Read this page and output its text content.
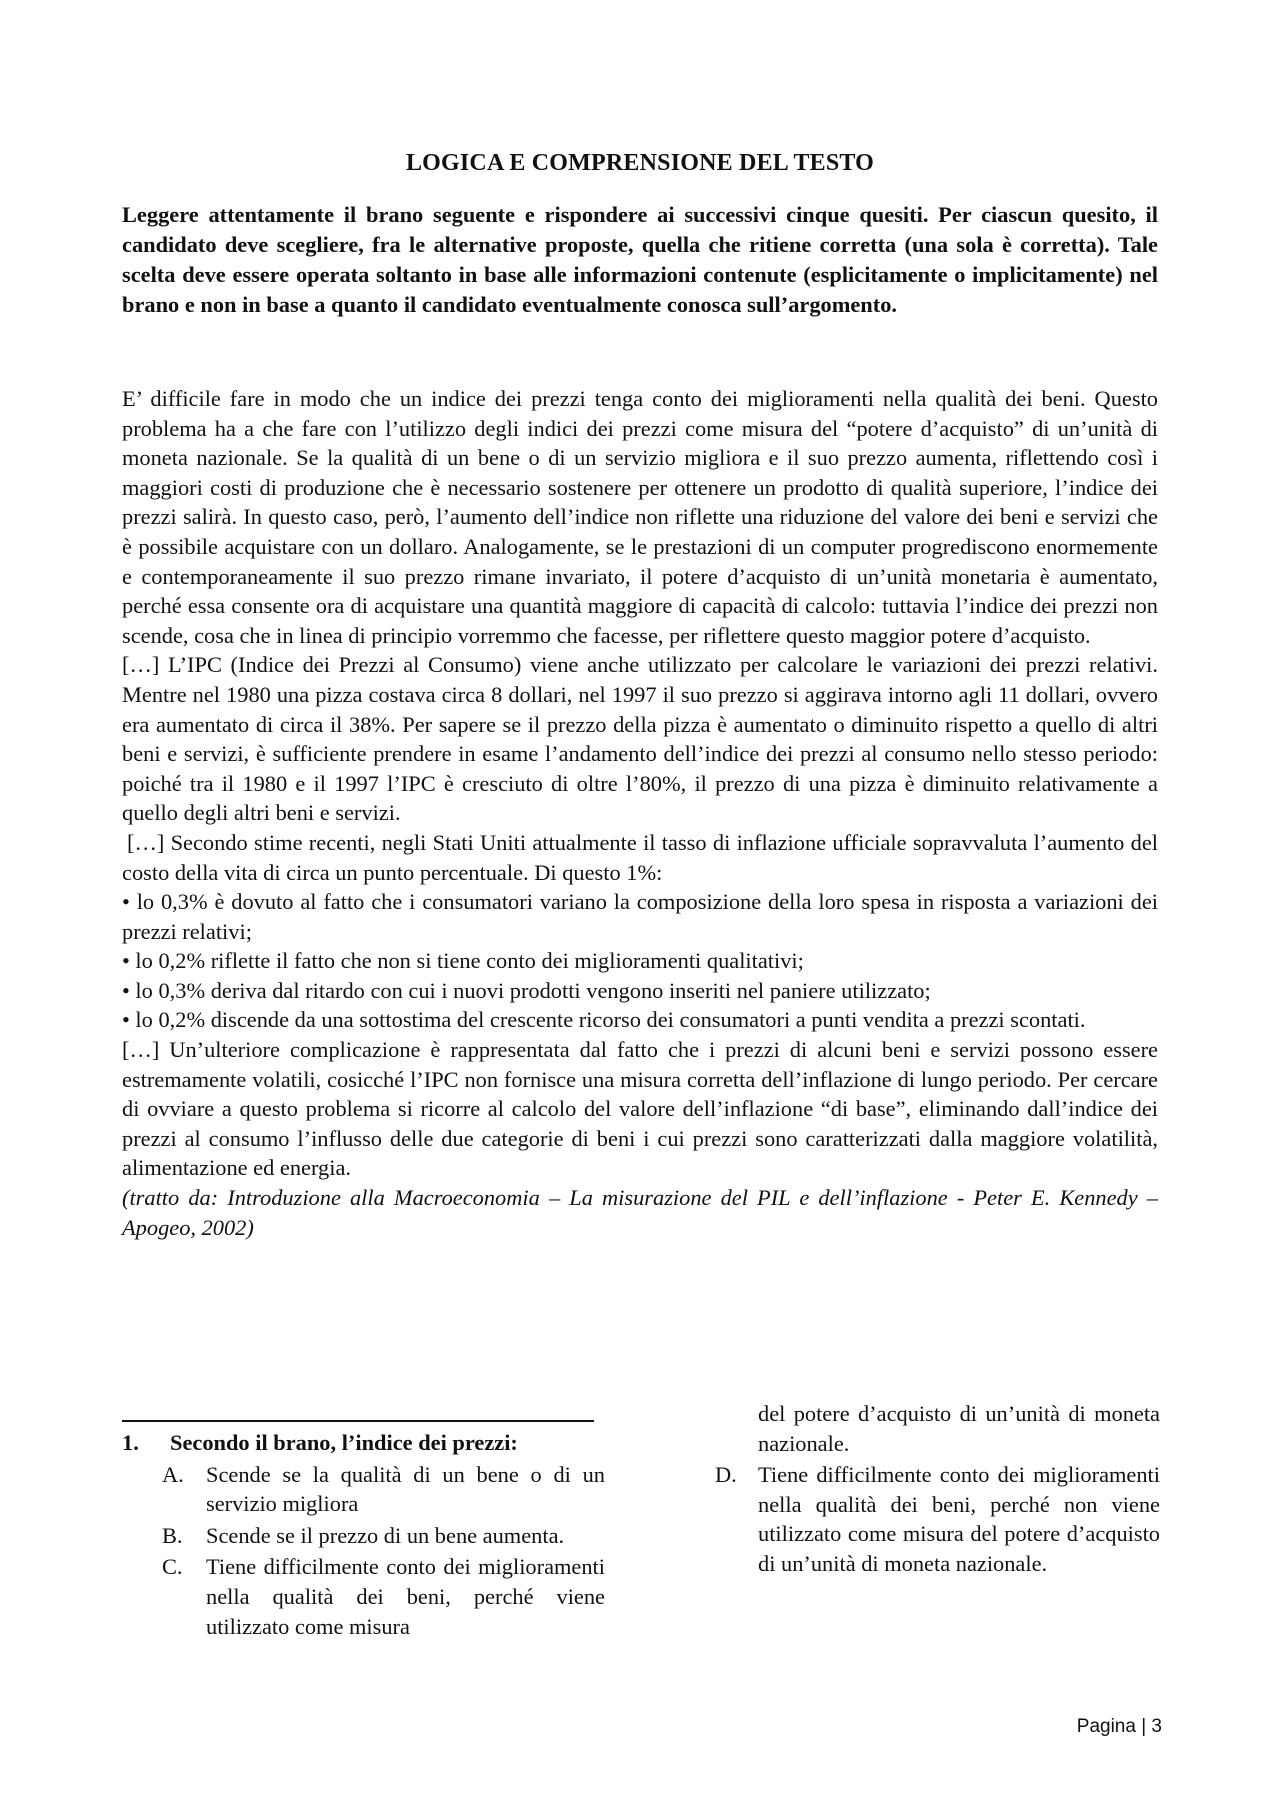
LOGICA E COMPRENSIONE DEL TESTO
Leggere attentamente il brano seguente e rispondere ai successivi cinque quesiti. Per ciascun quesito, il candidato deve scegliere, fra le alternative proposte, quella che ritiene corretta (una sola è corretta). Tale scelta deve essere operata soltanto in base alle informazioni contenute (esplicitamente o implicitamente) nel brano e non in base a quanto il candidato eventualmente conosca sull’argomento.

E’ difficile fare in modo che un indice dei prezzi tenga conto dei miglioramenti nella qualità dei beni. Questo problema ha a che fare con l’utilizzo degli indici dei prezzi come misura del “potere d’acquisto” di un’unità di moneta nazionale. Se la qualità di un bene o di un servizio migliora e il suo prezzo aumenta, riflettendo così i maggiori costi di produzione che è necessario sostenere per ottenere un prodotto di qualità superiore, l’indice dei prezzi salirà. In questo caso, però, l’aumento dell’indice non riflette una riduzione del valore dei beni e servizi che è possibile acquistare con un dollaro. Analogamente, se le prestazioni di un computer progrediscono enormemente e contemporaneamente il suo prezzo rimane invariato, il potere d’acquisto di un’unità monetaria è aumentato, perché essa consente ora di acquistare una quantità maggiore di capacità di calcolo: tuttavia l’indice dei prezzi non scende, cosa che in linea di principio vorremmo che facesse, per riflettere questo maggior potere d’acquisto.

[…] L’IPC (Indice dei Prezzi al Consumo) viene anche utilizzato per calcolare le variazioni dei prezzi relativi. Mentre nel 1980 una pizza costava circa 8 dollari, nel 1997 il suo prezzo si aggirava intorno agli 11 dollari, ovvero era aumentato di circa il 38%. Per sapere se il prezzo della pizza è aumentato o diminuito rispetto a quello di altri beni e servizi, è sufficiente prendere in esame l’andamento dell’indice dei prezzi al consumo nello stesso periodo: poiché tra il 1980 e il 1997 l’IPC è cresciuto di oltre l’80%, il prezzo di una pizza è diminuito relativamente a quello degli altri beni e servizi.

[…] Secondo stime recenti, negli Stati Uniti attualmente il tasso di inflazione ufficiale sopravvaluta l’aumento del costo della vita di circa un punto percentuale. Di questo 1%:

• lo 0,3% è dovuto al fatto che i consumatori variano la composizione della loro spesa in risposta a variazioni dei prezzi relativi;
• lo 0,2% riflette il fatto che non si tiene conto dei miglioramenti qualitativi;
• lo 0,3% deriva dal ritardo con cui i nuovi prodotti vengono inseriti nel paniere utilizzato;
• lo 0,2% discende da una sottostima del crescente ricorso dei consumatori a punti vendita a prezzi scontati.

[…] Un’ulteriore complicazione è rappresentata dal fatto che i prezzi di alcuni beni e servizi possono essere estremamente volatili, cosicché l’IPC non fornisce una misura corretta dell’inflazione di lungo periodo. Per cercare di ovviare a questo problema si ricorre al calcolo del valore dell’inflazione “di base”, eliminando dall’indice dei prezzi al consumo l’influsso delle due categorie di beni i cui prezzi sono caratterizzati dalla maggiore volatilità, alimentazione ed energia.

(tratto da: Introduzione alla Macroeconomia – La misurazione del PIL e dell’inflazione - Peter E. Kennedy – Apogeo, 2002)

1.	Secondo il brano, l’indice dei prezzi:
A. Scende se la qualità di un bene o di un servizio migliora
B.	Scende se il prezzo di un bene aumenta.
C.	Tiene difficilmente conto dei miglioramenti nella qualità dei beni, perché viene utilizzato come misura
del potere d’acquisto di un’unità di moneta nazionale.
D. Tiene difficilmente conto dei miglioramenti nella qualità dei beni, perché non viene utilizzato come misura del potere d’acquisto di un’unità di moneta nazionale.
Pagina | 3
